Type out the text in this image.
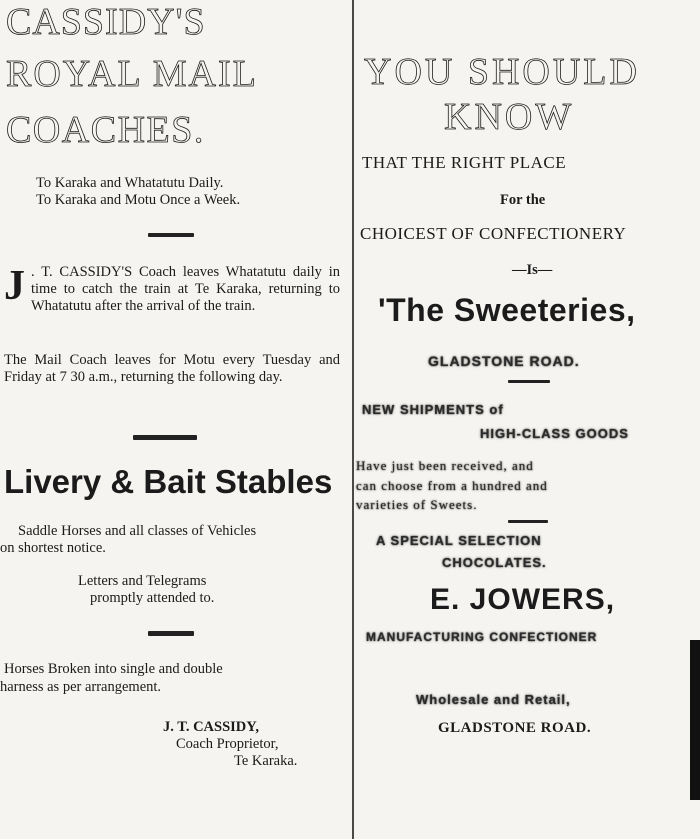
CASSIDY'S
ROYAL MAIL
COACHES.
To Karaka and Whatatutu Daily.
To Karaka and Motu Once a Week.
J . T. CASSIDY'S Coach leaves Whatatutu daily in time to catch the train at Te Karaka, returning to Whatatutu after the arrival of the train.
The Mail Coach leaves for Motu every Tuesday and Friday at 7 30 a.m., returning the following day.
Livery & Bait Stables
Saddle Horses and all classes of Vehicles
on shortest notice.
Letters and Telegrams
promptly attended to.
Horses Broken into single and double
harness as per arrangement.
J. T. CASSIDY,
Coach Proprietor,
Te Karaka.
YOU SHOULD
KNOW
THAT THE RIGHT PLACE
For the
CHOICEST OF CONFECTIONERY
—Is—
'The Sweeteries,
GLADSTONE ROAD.
NEW SHIPMENTS of
HIGH-CLASS GOODS
Have just been received, and
can choose from a hundred and
varieties of Sweets.
A SPECIAL SELECTION
CHOCOLATES.
E. JOWERS,
MANUFACTURING CONFECTIONER
Wholesale and Retail,
GLADSTONE ROAD.
